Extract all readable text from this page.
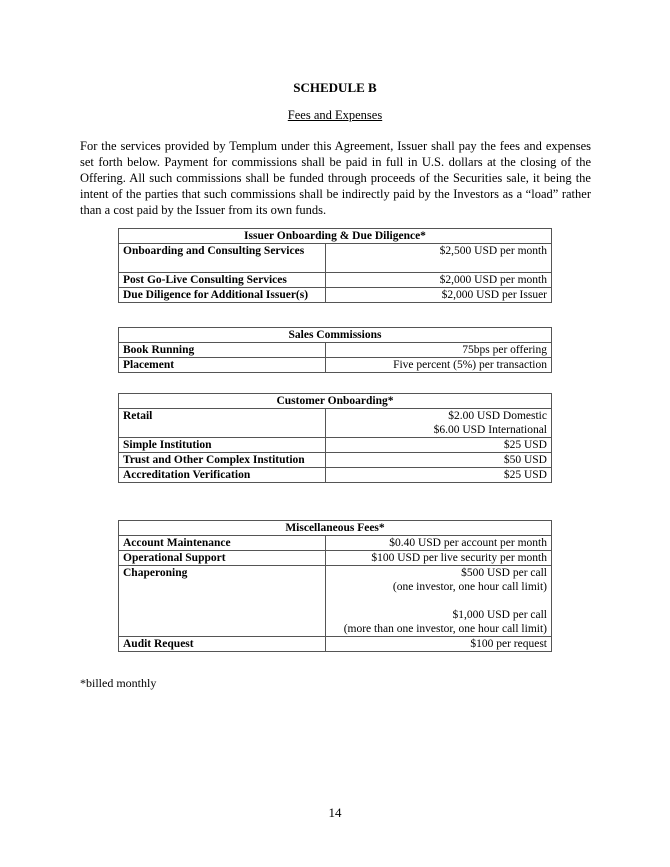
SCHEDULE B
Fees and Expenses

For the services provided by Templum under this Agreement, Issuer shall pay the fees and expenses set forth below. Payment for commissions shall be paid in full in U.S. dollars at the closing of the Offering. All such commissions shall be funded through proceeds of the Securities sale, it being the intent of the parties that such commissions shall be indirectly paid by the Investors as a “load” rather than a cost paid by the Issuer from its own funds.

Issuer Onboarding & Due Diligence*	
Onboarding and Consulting Services	$2,500 USD per month
Post Go-Live Consulting Services	$2,000 USD per month
Due Diligence for Additional Issuer(s)	$2,000 USD per Issuer
Sales Commissions	
Book Running	75bps per offering
Placement	Five percent (5%) per transaction
Customer Onboarding*	
Retail	$2.00 USD Domestic
$6.00 USD International

Simple Institution	$25 USD
Trust and Other Complex Institution	$50 USD
Accreditation Verification	$25 USD
Miscellaneous Fees*	
Account Maintenance	$0.40 USD per account per month
Operational Support	$100 USD per live security per month
Chaperoning	$500 USD per call
(one investor, one hour call limit)
$1,000 USD per call
(more than one investor, one hour call limit)

Audit Request	$100 per request
*billed monthly
14
